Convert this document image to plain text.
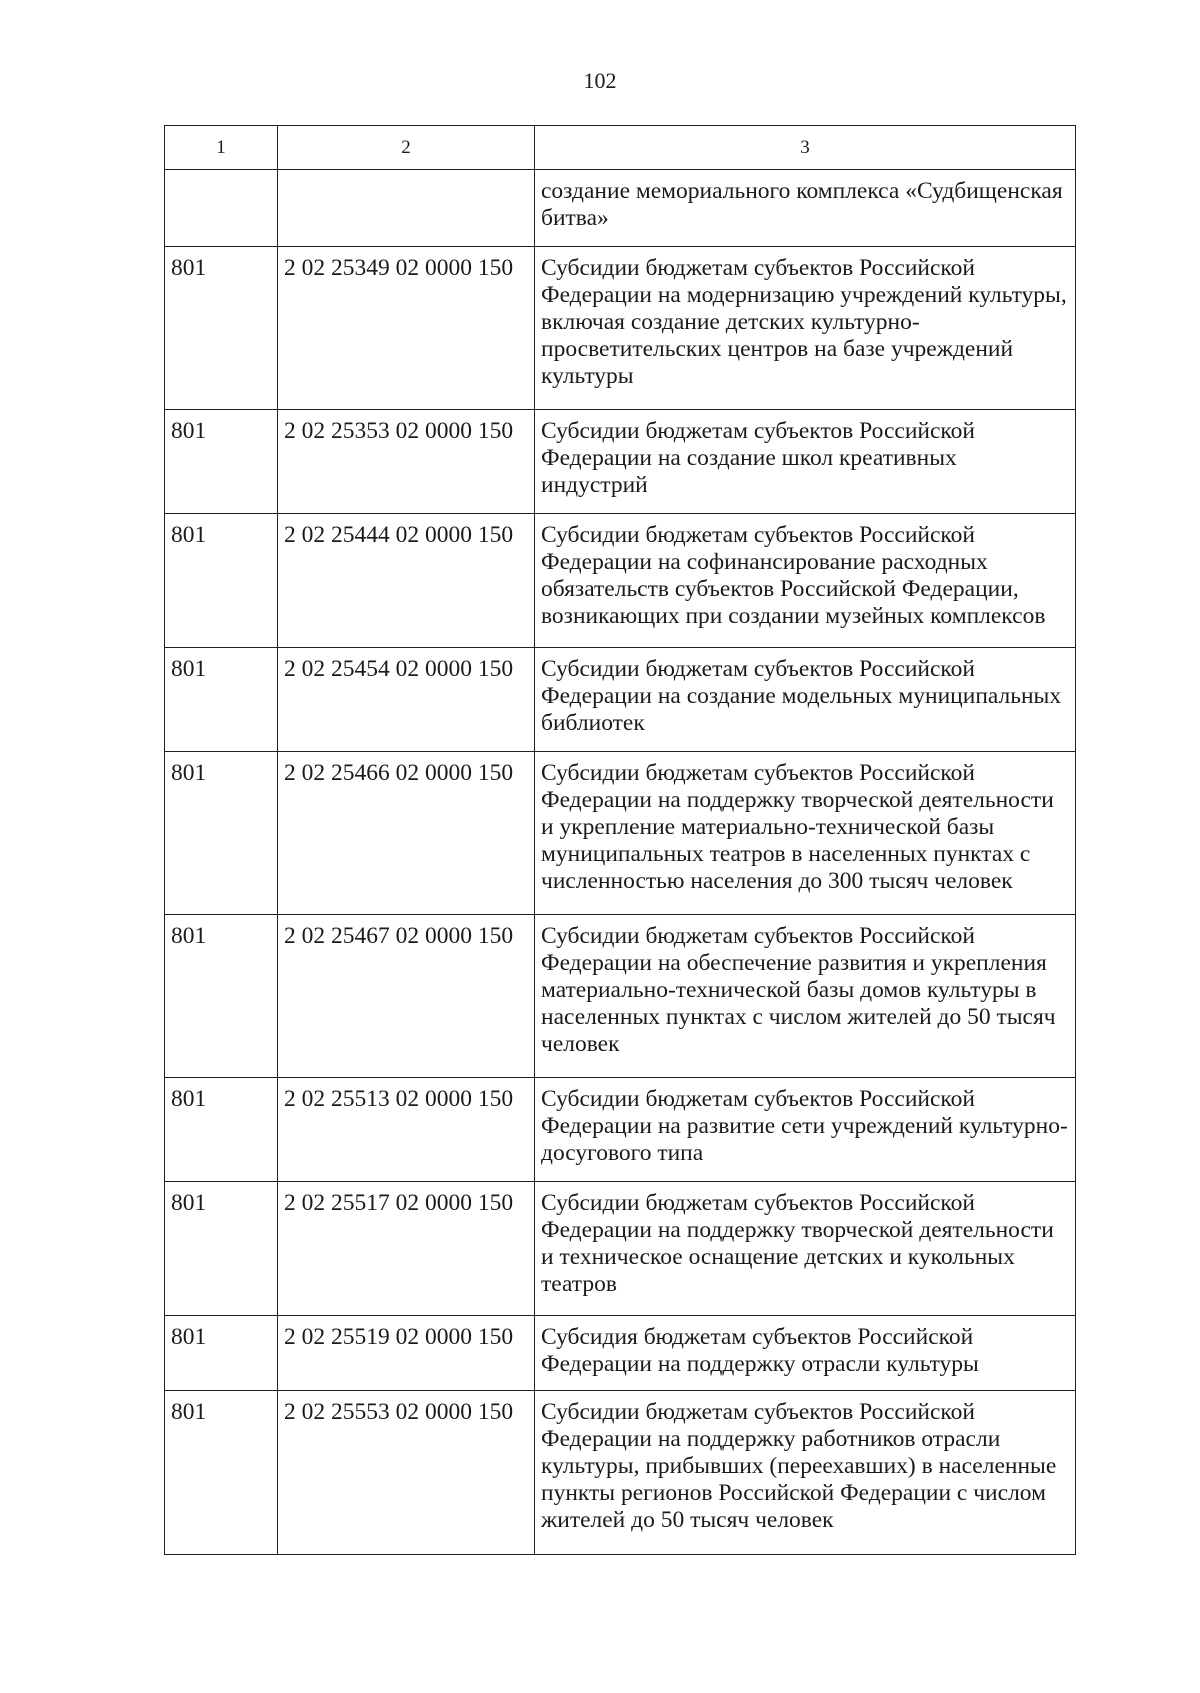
102
1	2	3
		создание мемориального комплекса «Судбищенская битва»
801	2 02 25349 02 0000 150	Субсидии бюджетам субъектов Российской Федерации на модернизацию учреждений культуры, включая создание детских культурно-просветительских центров на базе учреждений культуры
801	2 02 25353 02 0000 150	Субсидии бюджетам субъектов Российской Федерации на создание школ креативных индустрий
801	2 02 25444 02 0000 150	Субсидии бюджетам субъектов Российской Федерации на софинансирование расходных обязательств субъектов Российской Федерации, возникающих при создании музейных комплексов
801	2 02 25454 02 0000 150	Субсидии бюджетам субъектов Российской Федерации на создание модельных муниципальных библиотек
801	2 02 25466 02 0000 150	Субсидии бюджетам субъектов Российской Федерации на поддержку творческой деятельности и укрепление материально-технической базы муниципальных театров в населенных пунктах с численностью населения до 300 тысяч человек
801	2 02 25467 02 0000 150	Субсидии бюджетам субъектов Российской Федерации на обеспечение развития и укрепления материально-технической базы домов культуры в населенных пунктах с числом жителей до 50 тысяч человек
801	2 02 25513 02 0000 150	Субсидии бюджетам субъектов Российской Федерации на развитие сети учреждений культурно-досугового типа
801	2 02 25517 02 0000 150	Субсидии бюджетам субъектов Российской Федерации на поддержку творческой деятельности и техническое оснащение детских и кукольных театров
801	2 02 25519 02 0000 150	Субсидия бюджетам субъектов Российской Федерации на поддержку отрасли культуры
801	2 02 25553 02 0000 150	Субсидии бюджетам субъектов Российской Федерации на поддержку работников отрасли культуры, прибывших (переехавших) в населенные пункты регионов Российской Федерации с числом жителей до 50 тысяч человек
